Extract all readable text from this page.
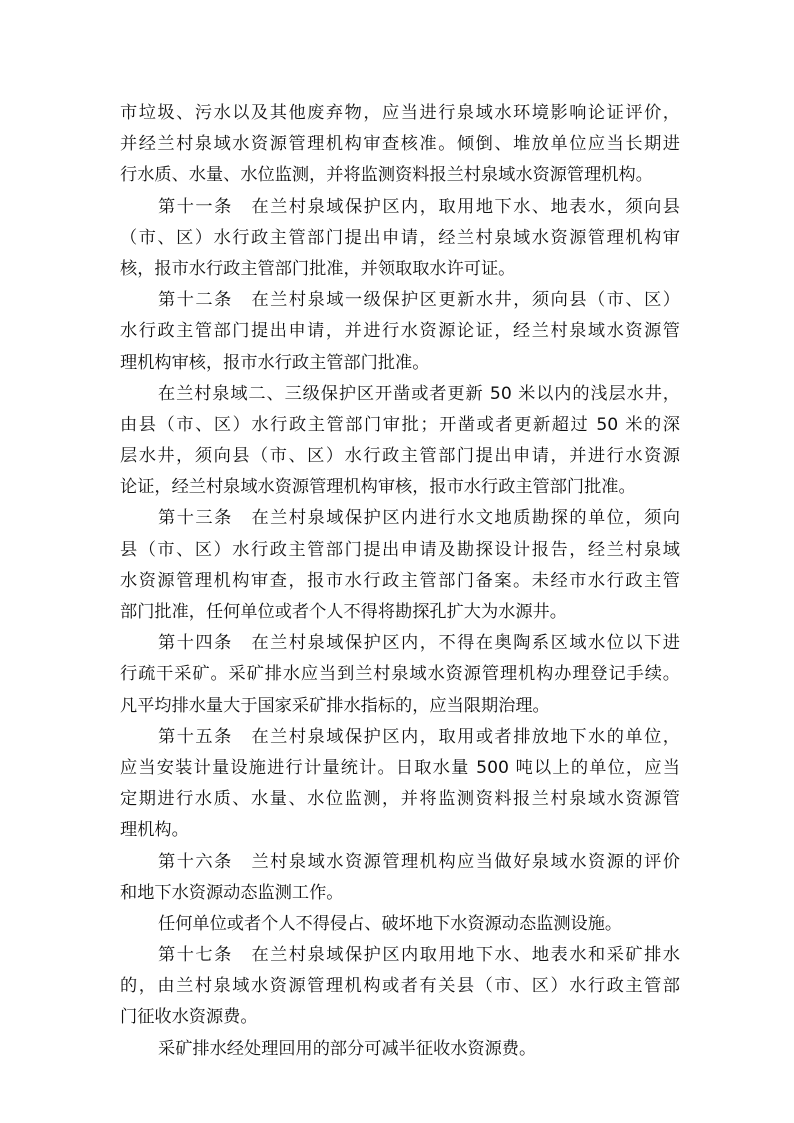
市垃圾、污水以及其他废弃物，应当进行泉域水环境影响论证评价，
并经兰村泉域水资源管理机构审查核准。倾倒、堆放单位应当长期进
行水质、水量、水位监测，并将监测资料报兰村泉域水资源管理机构。
第十一条　在兰村泉域保护区内，取用地下水、地表水，须向县
（市、区）水行政主管部门提出申请，经兰村泉域水资源管理机构审
核，报市水行政主管部门批准，并领取取水许可证。
第十二条　在兰村泉域一级保护区更新水井，须向县（市、区）
水行政主管部门提出申请，并进行水资源论证，经兰村泉域水资源管
理机构审核，报市水行政主管部门批准。
在兰村泉域二、三级保护区开凿或者更新 50 米以内的浅层水井，
由县（市、区）水行政主管部门审批；开凿或者更新超过 50 米的深
层水井，须向县（市、区）水行政主管部门提出申请，并进行水资源
论证，经兰村泉域水资源管理机构审核，报市水行政主管部门批准。
第十三条　在兰村泉域保护区内进行水文地质勘探的单位，须向
县（市、区）水行政主管部门提出申请及勘探设计报告，经兰村泉域
水资源管理机构审查，报市水行政主管部门备案。未经市水行政主管
部门批准，任何单位或者个人不得将勘探孔扩大为水源井。
第十四条　在兰村泉域保护区内，不得在奥陶系区域水位以下进
行疏干采矿。采矿排水应当到兰村泉域水资源管理机构办理登记手续。
凡平均排水量大于国家采矿排水指标的，应当限期治理。
第十五条　在兰村泉域保护区内，取用或者排放地下水的单位，
应当安装计量设施进行计量统计。日取水量 500 吨以上的单位，应当
定期进行水质、水量、水位监测，并将监测资料报兰村泉域水资源管
理机构。
第十六条　兰村泉域水资源管理机构应当做好泉域水资源的评价
和地下水资源动态监测工作。
任何单位或者个人不得侵占、破坏地下水资源动态监测设施。
第十七条　在兰村泉域保护区内取用地下水、地表水和采矿排水
的，由兰村泉域水资源管理机构或者有关县（市、区）水行政主管部
门征收水资源费。
采矿排水经处理回用的部分可减半征收水资源费。
